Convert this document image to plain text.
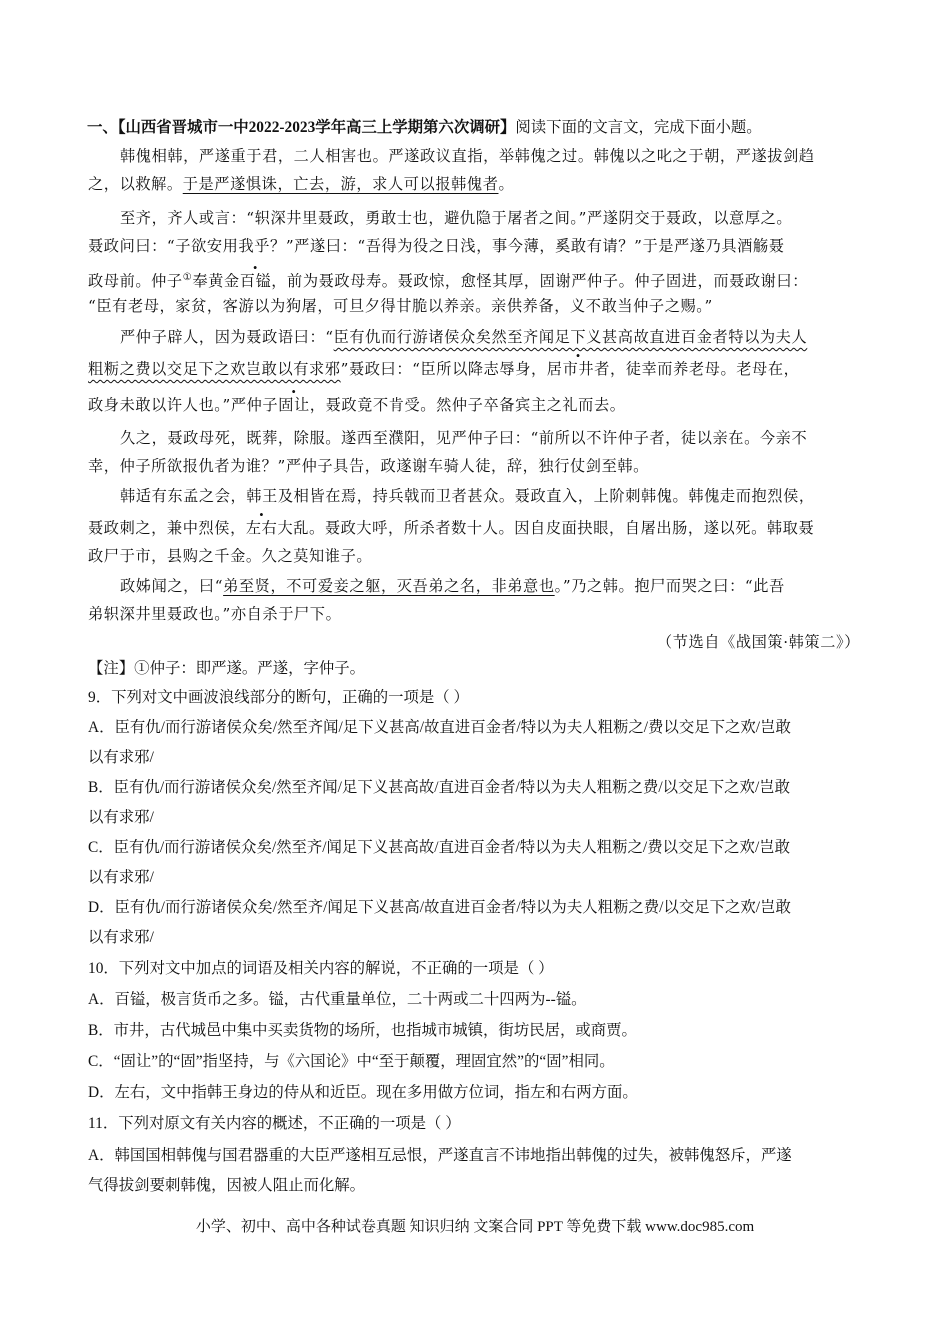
一、【山西省晋城市一中2022-2023学年高三上学期第六次调研】阅读下面的文言文，完成下面小题。
韩傀相韩，严遂重于君，二人相害也。严遂政议直指，举韩傀之过。韩傀以之叱之于朝，严遂拔剑趋
之，以救解。于是严遂惧诛，亡去，游，求人可以报韩傀者。
至齐，齐人或言：“轵深井里聂政，勇敢士也，避仇隐于屠者之间。”严遂阴交于聂政，以意厚之。
聂政问曰：“子欲安用我乎？”严遂曰：“吾得为役之日浅，事今薄，奚敢有请？”于是严遂乃具酒觞聂
政母前。仲子①奉黄金百镒，前为聂政母寿。聂政惊，愈怪其厚，固谢严仲子。仲子固进，而聂政谢曰：
“臣有老母，家贫，客游以为狗屠，可旦夕得甘脆以养亲。亲供养备，义不敢当仲子之赐。”
严仲子辟人，因为聂政语曰：“臣有仇而行游诸侯众矣然至齐闻足下义甚高故直进百金者特以为夫人
粗粝之费以交足下之欢岂敢以有求邪”聂政曰：“臣所以降志辱身，居市井者，徒幸而养老母。老母在，
政身未敢以许人也。”严仲子固让，聂政竟不肯受。然仲子卒备宾主之礼而去。
久之，聂政母死，既葬，除服。遂西至濮阳，见严仲子曰：“前所以不许仲子者，徒以亲在。今亲不
幸，仲子所欲报仇者为谁？”严仲子具告，政遂谢车骑人徒，辞，独行仗剑至韩。
韩适有东孟之会，韩王及相皆在焉，持兵戟而卫者甚众。聂政直入，上阶刺韩傀。韩傀走而抱烈侯，
聂政刺之，兼中烈侯，左右大乱。聂政大呼，所杀者数十人。因自皮面抉眼，自屠出肠，遂以死。韩取聂
政尸于市，县购之千金。久之莫知谁子。
政姊闻之，曰“弟至贤，不可爱妾之躯，灭吾弟之名，非弟意也。”乃之韩。抱尸而哭之曰：“此吾
弟轵深井里聂政也。”亦自杀于尸下。
（节选自《战国策·韩策二》）
【注】①仲子：即严遂。严遂，字仲子。
9．下列对文中画波浪线部分的断句，正确的一项是（ ）
A．臣有仇/而行游诸侯众矣/然至齐闻/足下义甚高/故直进百金者/特以为夫人粗粝之/费以交足下之欢/岂敢
以有求邪/
B．臣有仇/而行游诸侯众矣/然至齐闻/足下义甚高故/直进百金者/特以为夫人粗粝之费/以交足下之欢/岂敢
以有求邪/
C．臣有仇/而行游诸侯众矣/然至齐/闻足下义甚高故/直进百金者/特以为夫人粗粝之/费以交足下之欢/岂敢
以有求邪/
D．臣有仇/而行游诸侯众矣/然至齐/闻足下义甚高/故直进百金者/特以为夫人粗粝之费/以交足下之欢/岂敢
以有求邪/
10．下列对文中加点的词语及相关内容的解说，不正确的一项是（ ）
A．百镒，极言货币之多。镒，古代重量单位，二十两或二十四两为--镒。
B．市井，古代城邑中集中买卖货物的场所，也指城市城镇，街坊民居，或商贾。
C．“固让”的“固”指坚持，与《六国论》中“至于颠覆，理固宜然”的“固”相同。
D．左右，文中指韩王身边的侍从和近臣。现在多用做方位词，指左和右两方面。
11．下列对原文有关内容的概述，不正确的一项是（ ）
A．韩国国相韩傀与国君器重的大臣严遂相互忌恨，严遂直言不讳地指出韩傀的过失，被韩傀怒斥，严遂
气得拔剑要刺韩傀，因被人阻止而化解。
小学、初中、高中各种试卷真题 知识归纳 文案合同 PPT 等免费下载 www.doc985.com
